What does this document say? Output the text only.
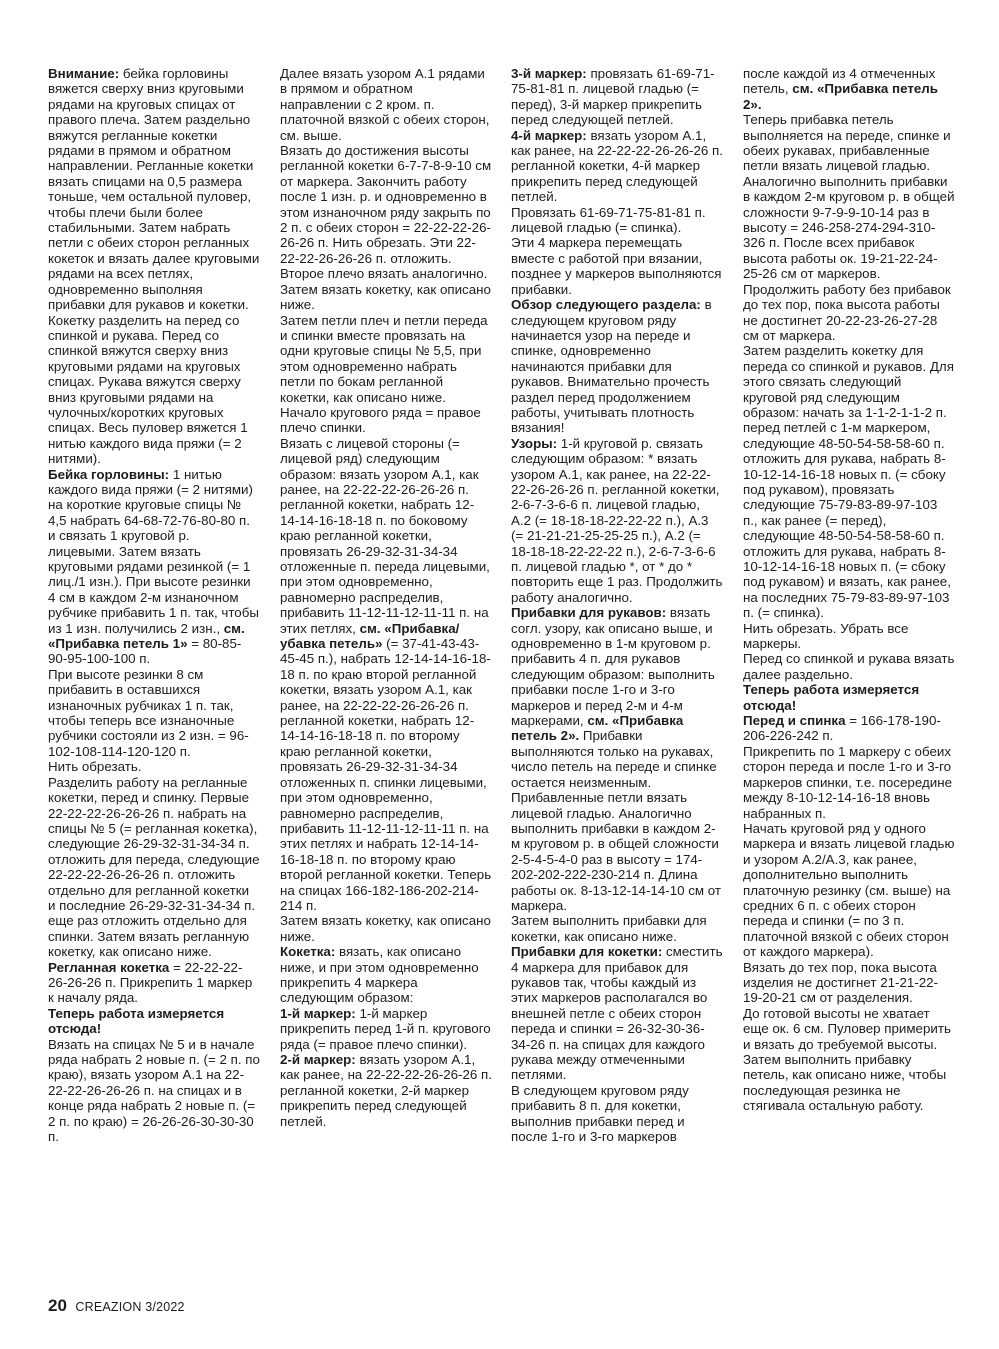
Внимание: бейка горловины вяжется сверху вниз круговыми рядами на круговых спицах от правого плеча. Затем раздельно вяжутся регланные кокетки рядами в прямом и обратном направлении. Регланные кокетки вязать спицами на 0,5 размера тоньше, чем остальной пуловер, чтобы плечи были более стабильными. Затем набрать петли с обеих сторон регланных кокеток и вязать далее круговыми рядами на всех петлях, одновременно выполняя прибавки для рукавов и кокетки. Кокетку разделить на перед со спинкой и рукава. Перед со спинкой вяжутся сверху вниз круговыми рядами на круговых спицах. Рукава вяжутся сверху вниз круговыми рядами на чулочных/коротких круговых спицах. Весь пуловер вяжется 1 нитью каждого вида пряжи (= 2 нитями).

Бейка горловины: 1 нитью каждого вида пряжи (= 2 нитями) на короткие круговые спицы № 4,5 набрать 64-68-72-76-80-80 п. и связать 1 круговой р. лицевыми. Затем вязать круговыми рядами резинкой (= 1 лиц./1 изн.). При высоте резинки 4 см в каждом 2-м изнаночном рубчике прибавить 1 п. так, чтобы из 1 изн. получились 2 изн., см. «Прибавка петель 1» = 80-85-90-95-100-100 п.

При высоте резинки 8 см прибавить в оставшихся изнаночных рубчиках 1 п. так, чтобы теперь все изнаночные рубчики состояли из 2 изн. = 96-102-108-114-120-120 п.

Нить обрезать.

Разделить работу на регланные кокетки, перед и спинку. Первые 22-22-22-26-26-26 п. набрать на спицы № 5 (= регланная кокетка), следующие 26-29-32-31-34-34 п. отложить для переда, следующие 22-22-22-26-26-26 п. отложить отдельно для регланной кокетки и последние 26-29-32-31-34-34 п. еще раз отложить отдельно для спинки. Затем вязать регланную кокетку, как описано ниже.

Регланная кокетка = 22-22-22-26-26-26 п. Прикрепить 1 маркер к началу ряда.

Теперь работа измеряется отсюда!

Вязать на спицах № 5 и в начале ряда набрать 2 новые п. (= 2 п. по краю), вязать узором А.1 на 22-22-22-26-26-26 п. на спицах и в конце ряда набрать 2 новые п. (= 2 п. по краю) = 26-26-26-30-30-30 п.

Далее вязать узором А.1 рядами в прямом и обратном направлении с 2 кром. п. платочной вязкой с обеих сторон, см. выше.

Вязать до достижения высоты регланной кокетки 6-7-7-8-9-10 см от маркера. Закончить работу после 1 изн. р. и одновременно в этом изнаночном ряду закрыть по 2 п. с обеих сторон = 22-22-22-26-26-26 п. Нить обрезать. Эти 22-22-22-26-26-26 п. отложить.

Второе плечо вязать аналогично.

Затем вязать кокетку, как описано ниже.

Затем петли плеч и петли переда и спинки вместе провязать на одни круговые спицы № 5,5, при этом одновременно набрать петли по бокам регланной кокетки, как описано ниже. Начало кругового ряда = правое плечо спинки.

Вязать с лицевой стороны (= лицевой ряд) следующим образом: вязать узором А.1, как ранее, на 22-22-22-26-26-26 п. регланной кокетки, набрать 12-14-14-16-18-18 п. по боковому краю регланной кокетки, провязать 26-29-32-31-34-34 отложенные п. переда лицевыми, при этом одновременно, равномерно распределив, прибавить 11-12-11-12-11-11 п. на этих петлях, см. «Прибавка/убавка петель» (= 37-41-43-43-45-45 п.), набрать 12-14-14-16-18-18 п. по краю второй регланной кокетки, вязать узором А.1, как ранее, на 22-22-22-26-26-26 п. регланной кокетки, набрать 12-14-14-16-18-18 п. по второму краю регланной кокетки, провязать 26-29-32-31-34-34 отложенных п. спинки лицевыми, при этом одновременно, равномерно распределив, прибавить 11-12-11-12-11-11 п. на этих петлях и набрать 12-14-14-16-18-18 п. по второму краю второй регланной кокетки. Теперь на спицах 166-182-186-202-214-214 п.

Затем вязать кокетку, как описано ниже.

Кокетка: вязать, как описано ниже, и при этом одновременно прикрепить 4 маркера следующим образом:

1-й маркер: 1-й маркер прикрепить перед 1-й п. кругового ряда (= правое плечо спинки).

2-й маркер: вязать узором А.1, как ранее, на 22-22-22-26-26-26 п. регланной кокетки, 2-й маркер прикрепить перед следующей петлей.

3-й маркер: провязать 61-69-71-75-81-81 п. лицевой гладью (= перед), 3-й маркер прикрепить перед следующей петлей.

4-й маркер: вязать узором А.1, как ранее, на 22-22-22-26-26-26 п. регланной кокетки, 4-й маркер прикрепить перед следующей петлей.

Провязать 61-69-71-75-81-81 п. лицевой гладью (= спинка).

Эти 4 маркера перемещать вместе с работой при вязании, позднее у маркеров выполняются прибавки.

Обзор следующего раздела: в следующем круговом ряду начинается узор на переде и спинке, одновременно начинаются прибавки для рукавов. Внимательно прочесть раздел перед продолжением работы, учитывать плотность вязания!

Узоры: 1-й круговой р. связать следующим образом: * вязать узором А.1, как ранее, на 22-22-22-26-26-26 п. регланной кокетки, 2-6-7-3-6-6 п. лицевой гладью, А.2 (= 18-18-18-22-22-22 п.), А.3 (= 21-21-21-25-25-25 п.), А.2 (= 18-18-18-22-22-22 п.), 2-6-7-3-6-6 п. лицевой гладью *, от * до * повторить еще 1 раз. Продолжить работу аналогично.

Прибавки для рукавов: вязать согл. узору, как описано выше, и одновременно в 1-м круговом р. прибавить 4 п. для рукавов следующим образом: выполнить прибавки после 1-го и 3-го маркеров и перед 2-м и 4-м маркерами, см. «Прибавка петель 2». Прибавки выполняются только на рукавах, число петель на переде и спинке остается неизменным. Прибавленные петли вязать лицевой гладью. Аналогично выполнить прибавки в каждом 2-м круговом р. в общей сложности 2-5-4-5-4-0 раз в высоту = 174-202-202-222-230-214 п. Длина работы ок. 8-13-12-14-14-10 см от маркера.

Затем выполнить прибавки для кокетки, как описано ниже.

Прибавки для кокетки: сместить 4 маркера для прибавок для рукавов так, чтобы каждый из этих маркеров располагался во внешней петле с обеих сторон переда и спинки = 26-32-30-36-34-26 п. на спицах для каждого рукава между отмеченными петлями.

В следующем круговом ряду прибавить 8 п. для кокетки, выполнив прибавки перед и после 1-го и 3-го маркеров

после каждой из 4 отмеченных петель, см. «Прибавка петель 2».

Теперь прибавка петель выполняется на переде, спинке и обеих рукавах, прибавленные петли вязать лицевой гладью.

Аналогично выполнить прибавки в каждом 2-м круговом р. в общей сложности 9-7-9-9-10-14 раз в высоту = 246-258-274-294-310-326 п. После всех прибавок высота работы ок. 19-21-22-24-25-26 см от маркеров.

Продолжить работу без прибавок до тех пор, пока высота работы не достигнет 20-22-23-26-27-28 см от маркера.

Затем разделить кокетку для переда со спинкой и рукавов. Для этого связать следующий круговой ряд следующим образом: начать за 1-1-2-1-1-2 п. перед петлей с 1-м маркером, следующие 48-50-54-58-58-60 п. отложить для рукава, набрать 8-10-12-14-16-18 новых п. (= сбоку под рукавом), провязать следующие 75-79-83-89-97-103 п., как ранее (= перед), следующие 48-50-54-58-58-60 п. отложить для рукава, набрать 8-10-12-14-16-18 новых п. (= сбоку под рукавом) и вязать, как ранее, на последних 75-79-83-89-97-103 п. (= спинка).

Нить обрезать. Убрать все маркеры.

Перед со спинкой и рукава вязать далее раздельно.

Теперь работа измеряется отсюда!

Перед и спинка = 166-178-190-206-226-242 п.

Прикрепить по 1 маркеру с обеих сторон переда и после 1-го и 3-го маркеров спинки, т.е. посередине между 8-10-12-14-16-18 вновь набранных п.

Начать круговой ряд у одного маркера и вязать лицевой гладью и узором А.2/А.3, как ранее, дополнительно выполнить платочную резинку (см. выше) на средних 6 п. с обеих сторон переда и спинки (= по 3 п. платочной вязкой с обеих сторон от каждого маркера).

Вязать до тех пор, пока высота изделия не достигнет 21-21-22-19-20-21 см от разделения.

До готовой высоты не хватает еще ок. 6 см. Пуловер примерить и вязать до требуемой высоты.

Затем выполнить прибавку петель, как описано ниже, чтобы последующая резинка не стягивала остальную работу.

20 CREAZION 3/2022
